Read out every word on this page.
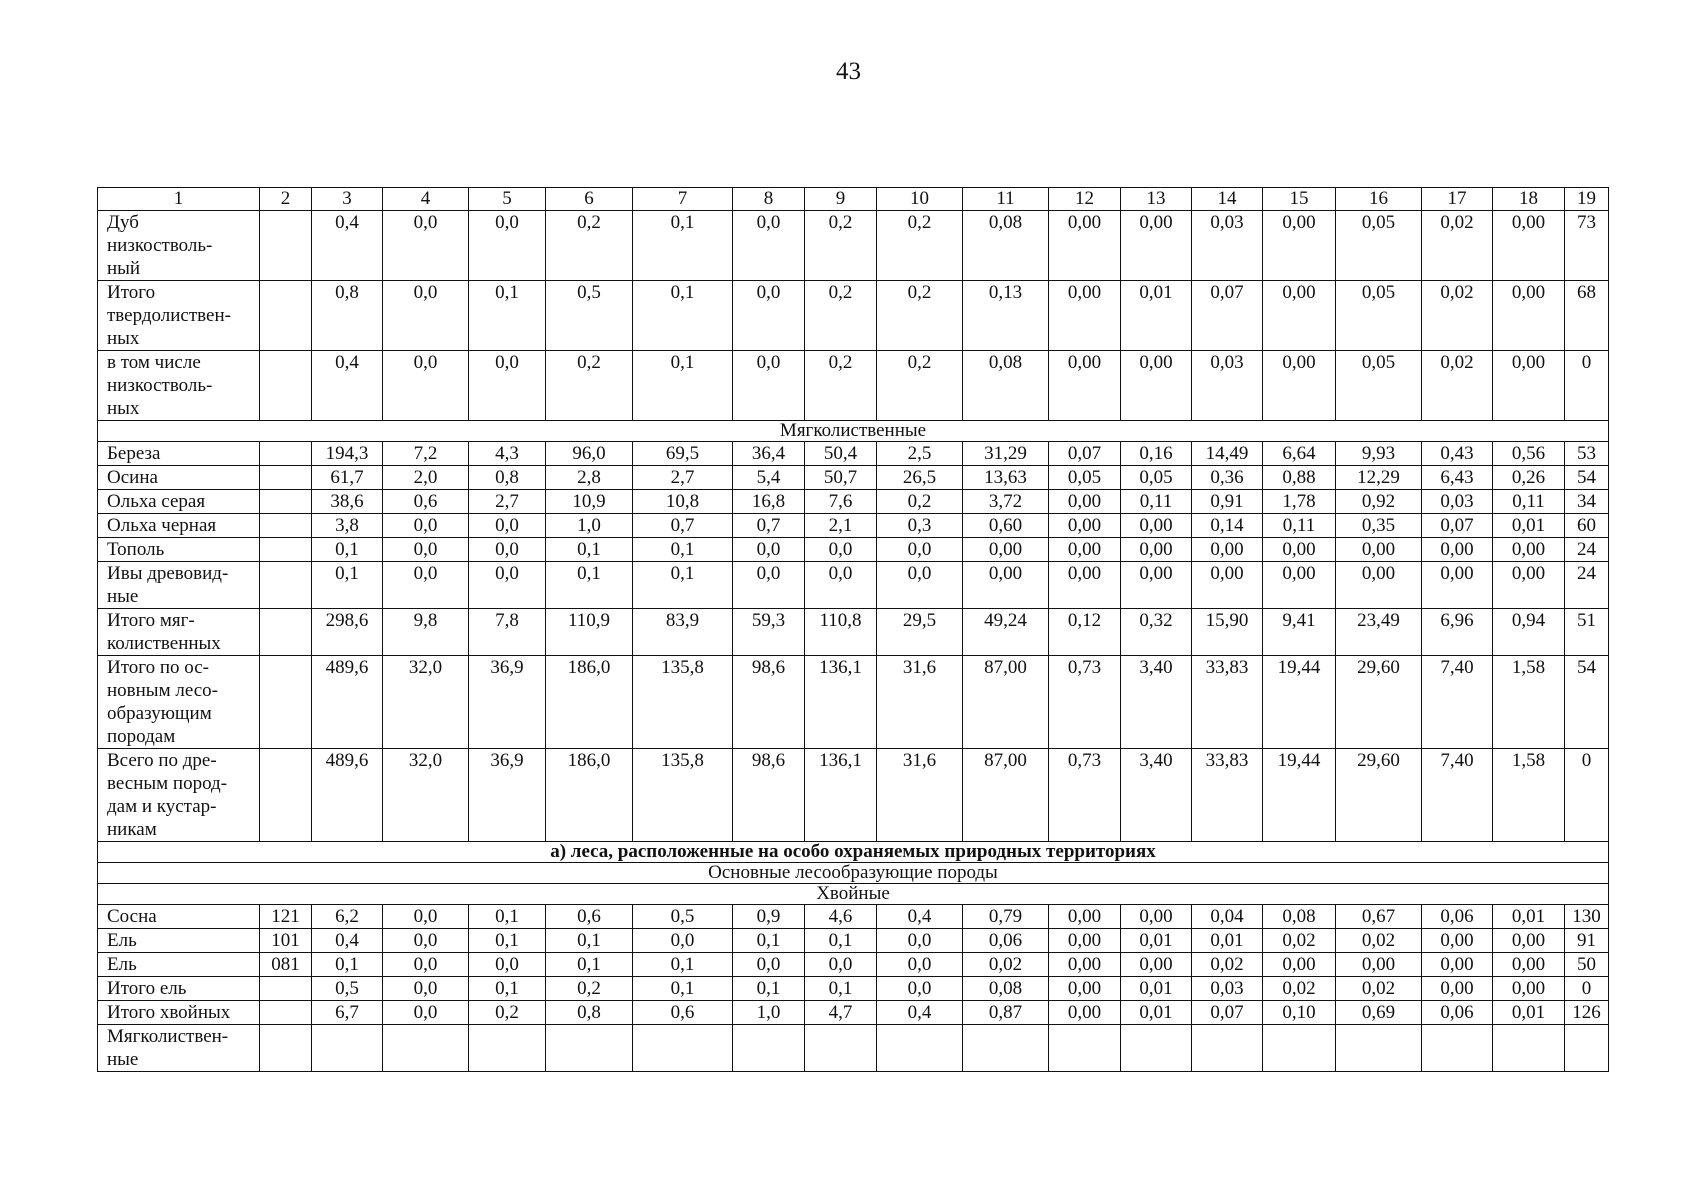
43
1	2	3	4	5	6	7	8	9	10	11	12	13	14	15	16	17	18	19

Дуб
низкостволь-
ный		0,4	0,0	0,0	0,2	0,1	0,0	0,2	0,2	0,08	0,00	0,00	0,03	0,00	0,05	0,02	0,00	73

Итого
твердолиствен-
ных		0,8	0,0	0,1	0,5	0,1	0,0	0,2	0,2	0,13	0,00	0,01	0,07	0,00	0,05	0,02	0,00	68

в том числе
низкостволь-
ных		0,4	0,0	0,0	0,2	0,1	0,0	0,2	0,2	0,08	0,00	0,00	0,03	0,00	0,05	0,02	0,00	0
Мягколиственные																		

Береза		194,3	7,2	4,3	96,0	69,5	36,4	50,4	2,5	31,29	0,07	0,16	14,49	6,64	9,93	0,43	0,56	53

Осина		61,7	2,0	0,8	2,8	2,7	5,4	50,7	26,5	13,63	0,05	0,05	0,36	0,88	12,29	6,43	0,26	54

Ольха серая		38,6	0,6	2,7	10,9	10,8	16,8	7,6	0,2	3,72	0,00	0,11	0,91	1,78	0,92	0,03	0,11	34

Ольха черная		3,8	0,0	0,0	1,0	0,7	0,7	2,1	0,3	0,60	0,00	0,00	0,14	0,11	0,35	0,07	0,01	60

Тополь		0,1	0,0	0,0	0,1	0,1	0,0	0,0	0,0	0,00	0,00	0,00	0,00	0,00	0,00	0,00	0,00	24

Ивы древовид-
ные		0,1	0,0	0,0	0,1	0,1	0,0	0,0	0,0	0,00	0,00	0,00	0,00	0,00	0,00	0,00	0,00	24

Итого мяг-
колиственных		298,6	9,8	7,8	110,9	83,9	59,3	110,8	29,5	49,24	0,12	0,32	15,90	9,41	23,49	6,96	0,94	51

Итого по ос-
новным лесо-
образующим
породам		489,6	32,0	36,9	186,0	135,8	98,6	136,1	31,6	87,00	0,73	3,40	33,83	19,44	29,60	7,40	1,58	54

Всего по дре-
весным пород-
дам и кустар-
никам		489,6	32,0	36,9	186,0	135,8	98,6	136,1	31,6	87,00	0,73	3,40	33,83	19,44	29,60	7,40	1,58	0
а) леса, расположенные на особо охраняемых природных территориях																		
Основные лесообразующие породы																		
Хвойные																		

Сосна	121	6,2	0,0	0,1	0,6	0,5	0,9	4,6	0,4	0,79	0,00	0,00	0,04	0,08	0,67	0,06	0,01	130

Ель	101	0,4	0,0	0,1	0,1	0,0	0,1	0,1	0,0	0,06	0,00	0,01	0,01	0,02	0,02	0,00	0,00	91

Ель	081	0,1	0,0	0,0	0,1	0,1	0,0	0,0	0,0	0,02	0,00	0,00	0,02	0,00	0,00	0,00	0,00	50

Итого ель		0,5	0,0	0,1	0,2	0,1	0,1	0,1	0,0	0,08	0,00	0,01	0,03	0,02	0,02	0,00	0,00	0

Итого хвойных		6,7	0,0	0,2	0,8	0,6	1,0	4,7	0,4	0,87	0,00	0,01	0,07	0,10	0,69	0,06	0,01	126

Мягколиствен-
ные																		
